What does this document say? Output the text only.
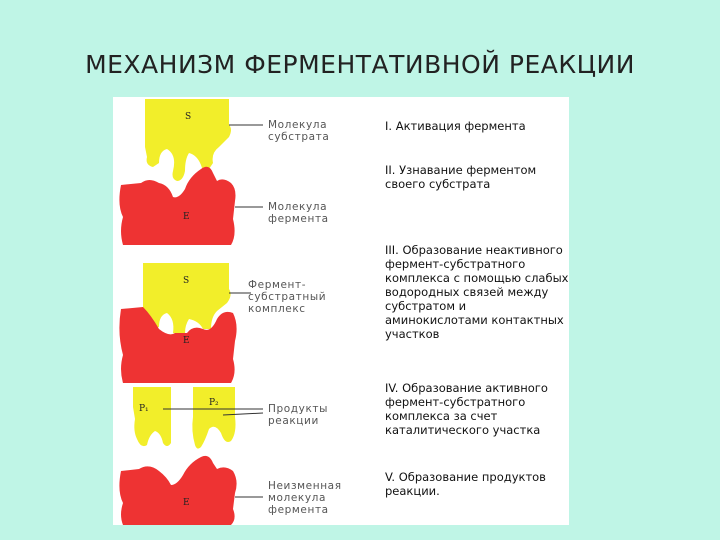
МЕХАНИЗМ ФЕРМЕНТАТИВНОЙ РЕАКЦИИ
S
E
S
E
P₁
P₂
E
Молекула субстрата
Молекула фермента
Фермент-субстратный комплекс
Продукты реакции
Неизменная молекула фермента
I. Активация фермента
II. Узнавание ферментом своего субстрата
III. Образование неактивного фермент-субстратного комплекса с помощью слабых водородных связей между субстратом и аминокислотами контактных участков
IV. Образование активного фермент-субстратного комплекса за счет каталитического участка
V. Образование продуктов реакции.
